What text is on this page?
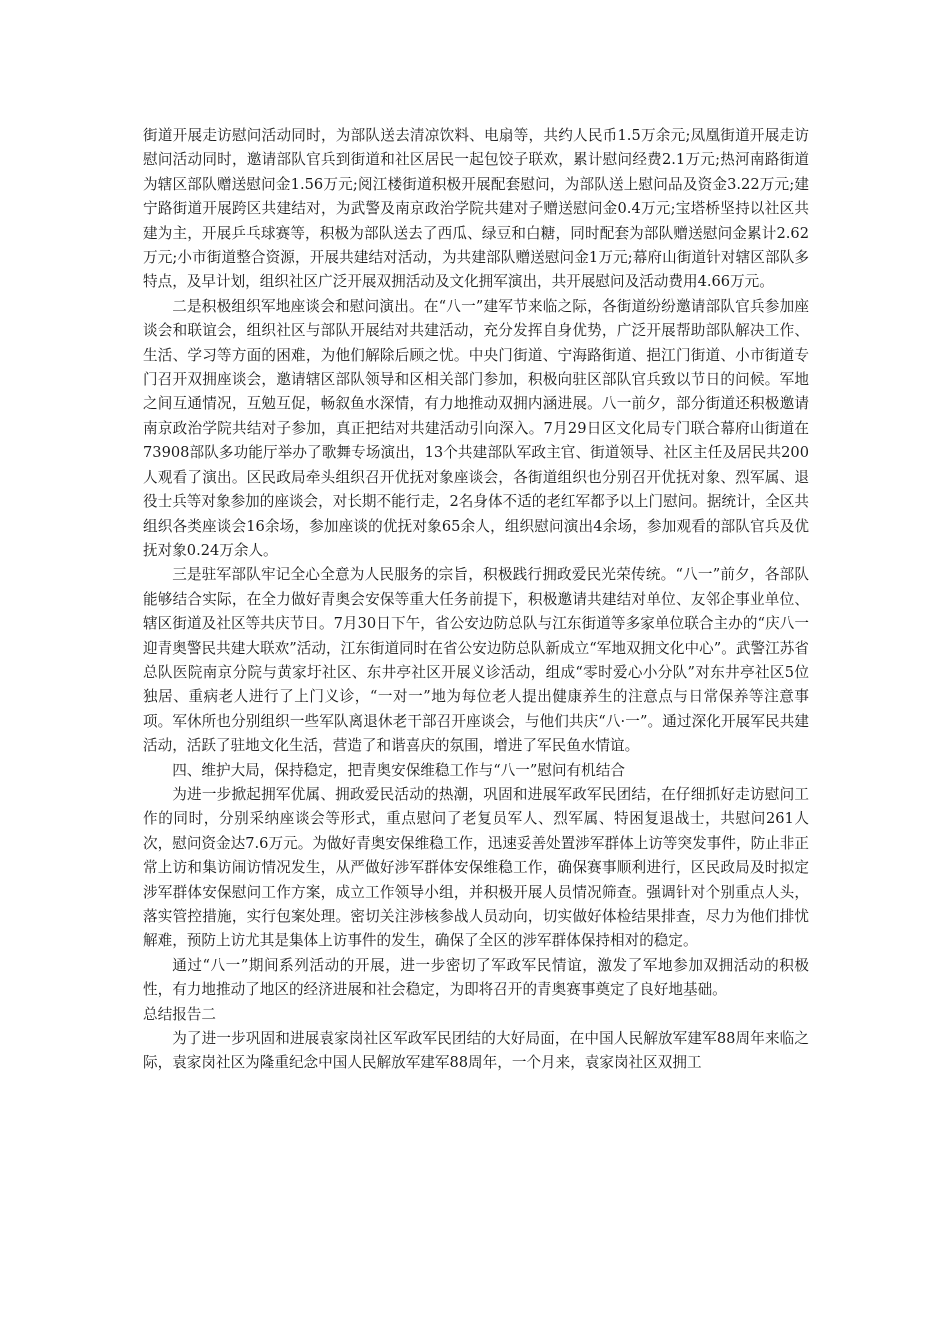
街道开展走访慰问活动同时，为部队送去清凉饮料、电扇等，共约人民币1.5万余元;凤凰街道开展走访慰问活动同时，邀请部队官兵到街道和社区居民一起包饺子联欢，累计慰问经费2.1万元;热河南路街道为辖区部队赠送慰问金1.56万元;阅江楼街道积极开展配套慰问，为部队送上慰问品及资金3.22万元;建宁路街道开展跨区共建结对，为武警及南京政治学院共建对子赠送慰问金0.4万元;宝塔桥坚持以社区共建为主，开展乒乓球赛等，积极为部队送去了西瓜、绿豆和白糖，同时配套为部队赠送慰问金累计2.62万元;小市街道整合资源，开展共建结对活动，为共建部队赠送慰问金1万元;幕府山街道针对辖区部队多特点，及早计划，组织社区广泛开展双拥活动及文化拥军演出，共开展慰问及活动费用4.66万元。

二是积极组织军地座谈会和慰问演出。在“八一”建军节来临之际，各街道纷纷邀请部队官兵参加座谈会和联谊会，组织社区与部队开展结对共建活动，充分发挥自身优势，广泛开展帮助部队解决工作、生活、学习等方面的困难，为他们解除后顾之忧。中央门街道、宁海路街道、挹江门街道、小市街道专门召开双拥座谈会，邀请辖区部队领导和区相关部门参加，积极向驻区部队官兵致以节日的问候。军地之间互通情况，互勉互促，畅叙鱼水深情，有力地推动双拥内涵进展。八一前夕，部分街道还积极邀请南京政治学院共结对子参加，真正把结对共建活动引向深入。7月29日区文化局专门联合幕府山街道在73908部队多功能厅举办了歌舞专场演出，13个共建部队军政主官、街道领导、社区主任及居民共200人观看了演出。区民政局牵头组织召开优抚对象座谈会，各街道组织也分别召开优抚对象、烈军属、退役士兵等对象参加的座谈会，对长期不能行走，2名身体不适的老红军都予以上门慰问。据统计，全区共组织各类座谈会16余场，参加座谈的优抚对象65余人，组织慰问演出4余场，参加观看的部队官兵及优抚对象0.24万余人。

三是驻军部队牢记全心全意为人民服务的宗旨，积极践行拥政爱民光荣传统。“八一”前夕，各部队能够结合实际，在全力做好青奥会安保等重大任务前提下，积极邀请共建结对单位、友邻企事业单位、辖区街道及社区等共庆节日。7月30日下午，省公安边防总队与江东街道等多家单位联合主办的“庆八一迎青奥警民共建大联欢”活动，江东街道同时在省公安边防总队新成立“军地双拥文化中心”。武警江苏省总队医院南京分院与黄家圩社区、东井亭社区开展义诊活动，组成“零时爱心小分队”对东井亭社区5位独居、重病老人进行了上门义诊，“一对一”地为每位老人提出健康养生的注意点与日常保养等注意事项。军休所也分别组织一些军队离退休老干部召开座谈会，与他们共庆“八·一”。通过深化开展军民共建活动，活跃了驻地文化生活，营造了和谐喜庆的氛围，增进了军民鱼水情谊。

四、维护大局，保持稳定，把青奥安保维稳工作与“八一”慰问有机结合

为进一步掀起拥军优属、拥政爱民活动的热潮，巩固和进展军政军民团结，在仔细抓好走访慰问工作的同时，分别采纳座谈会等形式，重点慰问了老复员军人、烈军属、特困复退战士，共慰问261人次，慰问资金达7.6万元。为做好青奥安保维稳工作，迅速妥善处置涉军群体上访等突发事件，防止非正常上访和集访闹访情况发生，从严做好涉军群体安保维稳工作，确保赛事顺利进行，区民政局及时拟定涉军群体安保慰问工作方案，成立工作领导小组，并积极开展人员情况筛查。强调针对个别重点人头，落实管控措施，实行包案处理。密切关注涉核参战人员动向，切实做好体检结果排查，尽力为他们排忧解难，预防上访尤其是集体上访事件的发生，确保了全区的涉军群体保持相对的稳定。

通过“八一”期间系列活动的开展，进一步密切了军政军民情谊，激发了军地参加双拥活动的积极性，有力地推动了地区的经济进展和社会稳定，为即将召开的青奥赛事奠定了良好地基础。

总结报告二

为了进一步巩固和进展袁家岗社区军政军民团结的大好局面，在中国人民解放军建军88周年来临之际，袁家岗社区为隆重纪念中国人民解放军建军88周年，一个月来，袁家岗社区双拥工
